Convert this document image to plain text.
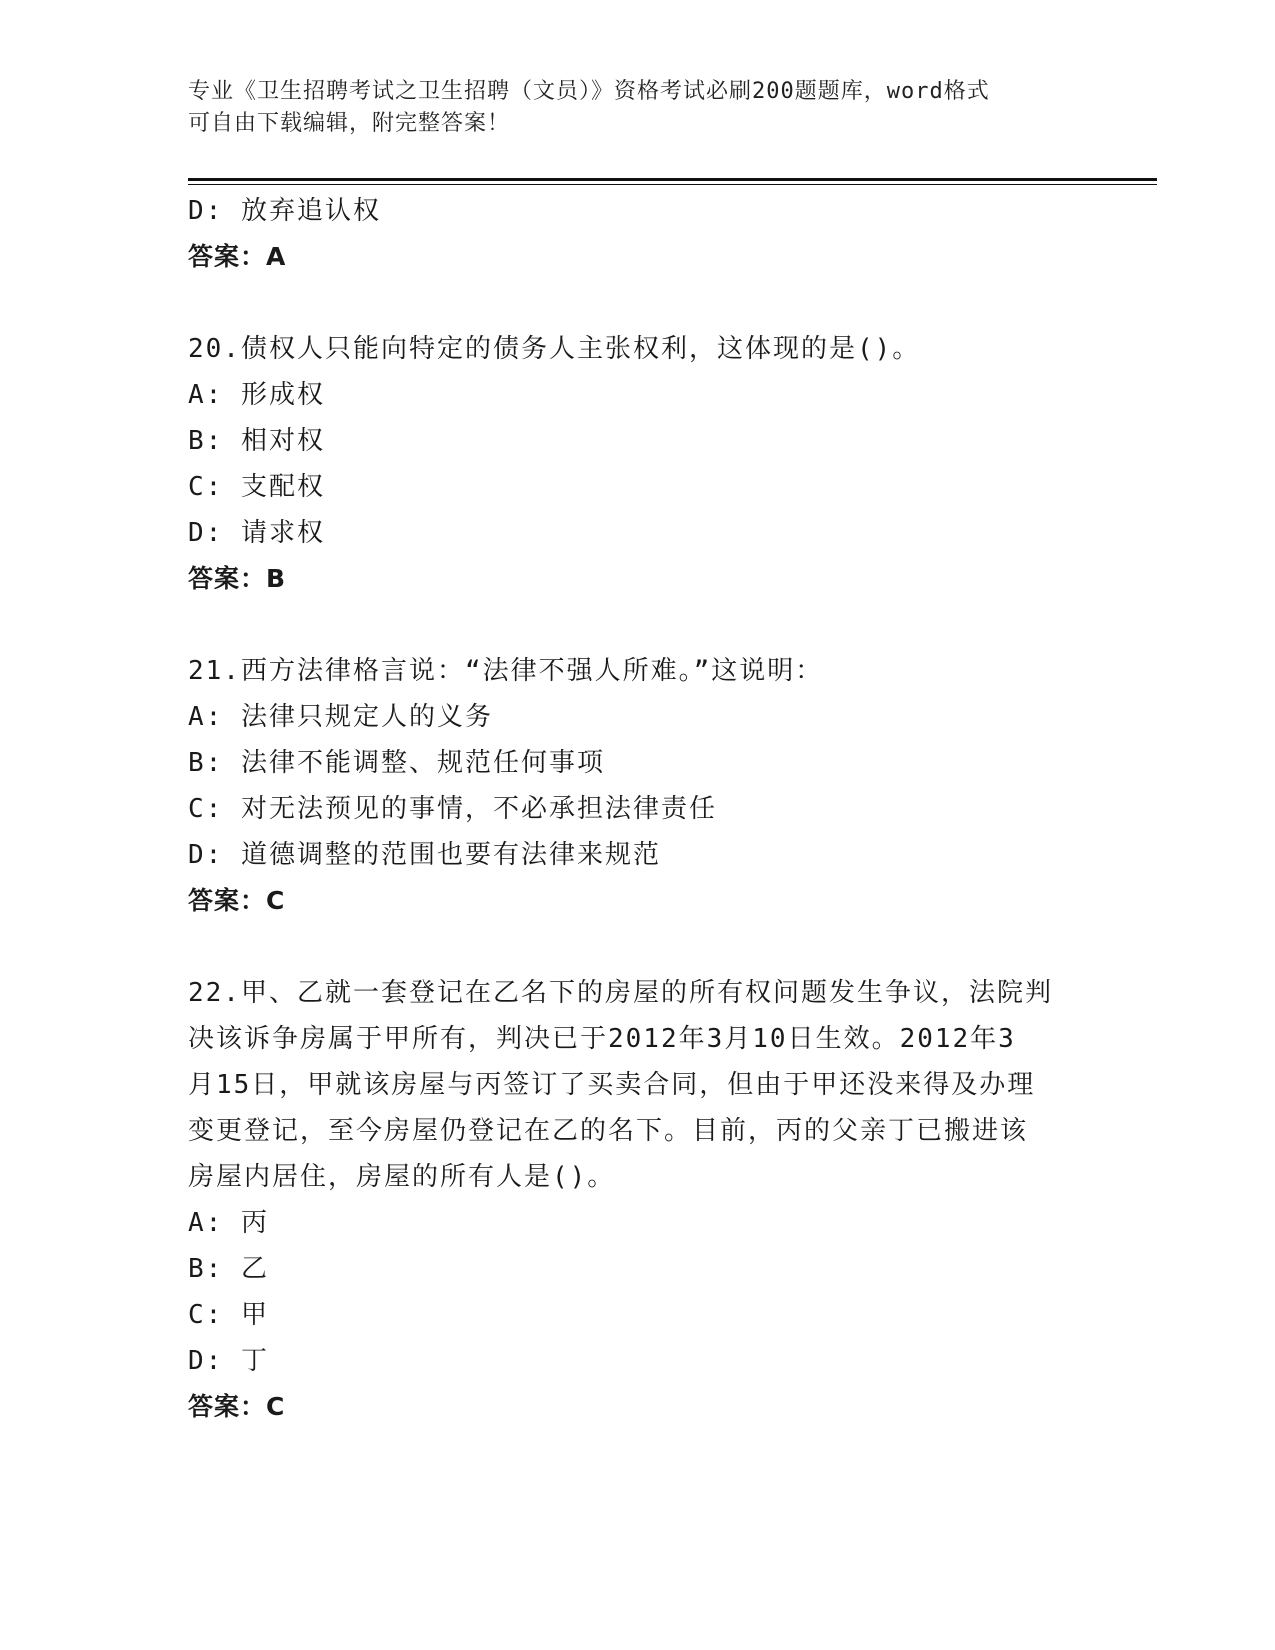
专业《卫生招聘考试之卫生招聘（文员）》资格考试必刷200题题库，word格式
可自由下载编辑，附完整答案！
D: 放弃追认权
答案：A
20.债权人只能向特定的债务人主张权利，这体现的是()。
A: 形成权
B: 相对权
C: 支配权
D: 请求权
答案：B
21.西方法律格言说：“法律不强人所难。”这说明：
A: 法律只规定人的义务
B: 法律不能调整、规范任何事项
C: 对无法预见的事情，不必承担法律责任
D: 道德调整的范围也要有法律来规范
答案：C
22.甲、乙就一套登记在乙名下的房屋的所有权问题发生争议，法院判
决该诉争房属于甲所有，判决已于2012年3月10日生效。2012年3
月15日，甲就该房屋与丙签订了买卖合同，但由于甲还没来得及办理
变更登记，至今房屋仍登记在乙的名下。目前，丙的父亲丁已搬进该
房屋内居住，房屋的所有人是()。
A: 丙
B: 乙
C: 甲
D: 丁
答案：C
